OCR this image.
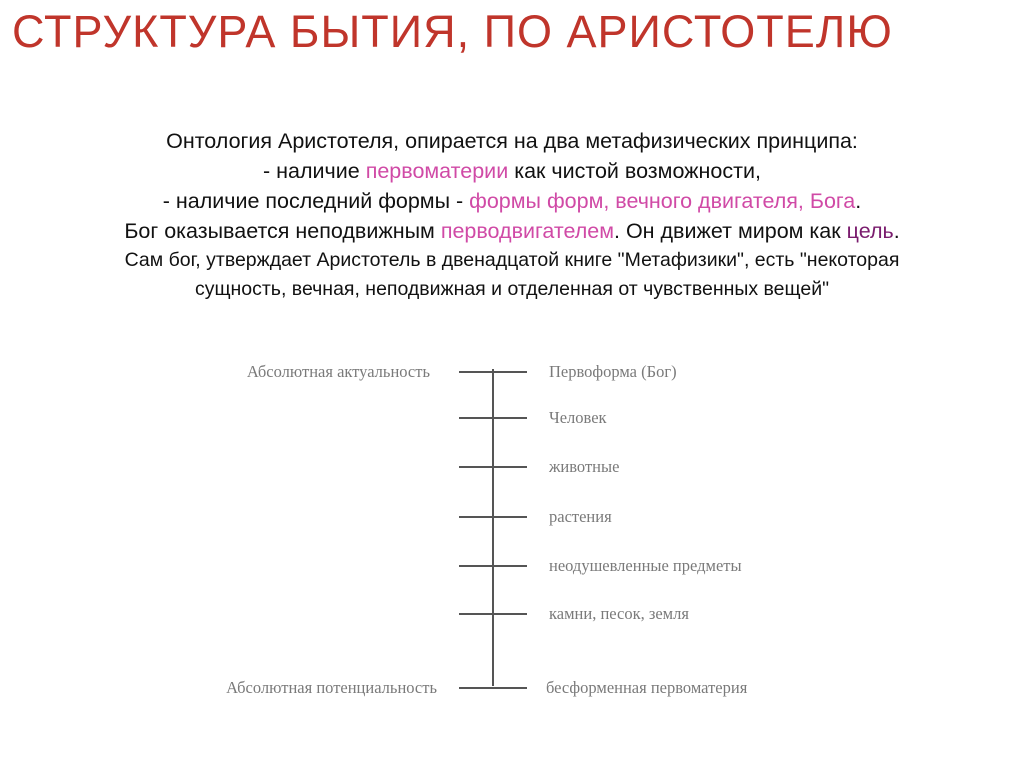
СТРУКТУРА БЫТИЯ, ПО АРИСТОТЕЛЮ
Онтология Аристотеля, опирается на два метафизических принципа:
- наличие первоматерии как чистой возможности,
- наличие последний формы - формы форм, вечного двигателя, Бога.
Бог оказывается неподвижным перводвигателем. Он движет миром как цель.
Сам бог, утверждает Аристотель в двенадцатой книге "Метафизики", есть "некоторая
сущность, вечная, неподвижная и отделенная от чувственных вещей"
Абсолютная актуальность
Абсолютная потенциальность
Первоформа (Бог)
Человек
животные
растения
неодушевленные предметы
камни, песок, земля
бесформенная первоматерия
